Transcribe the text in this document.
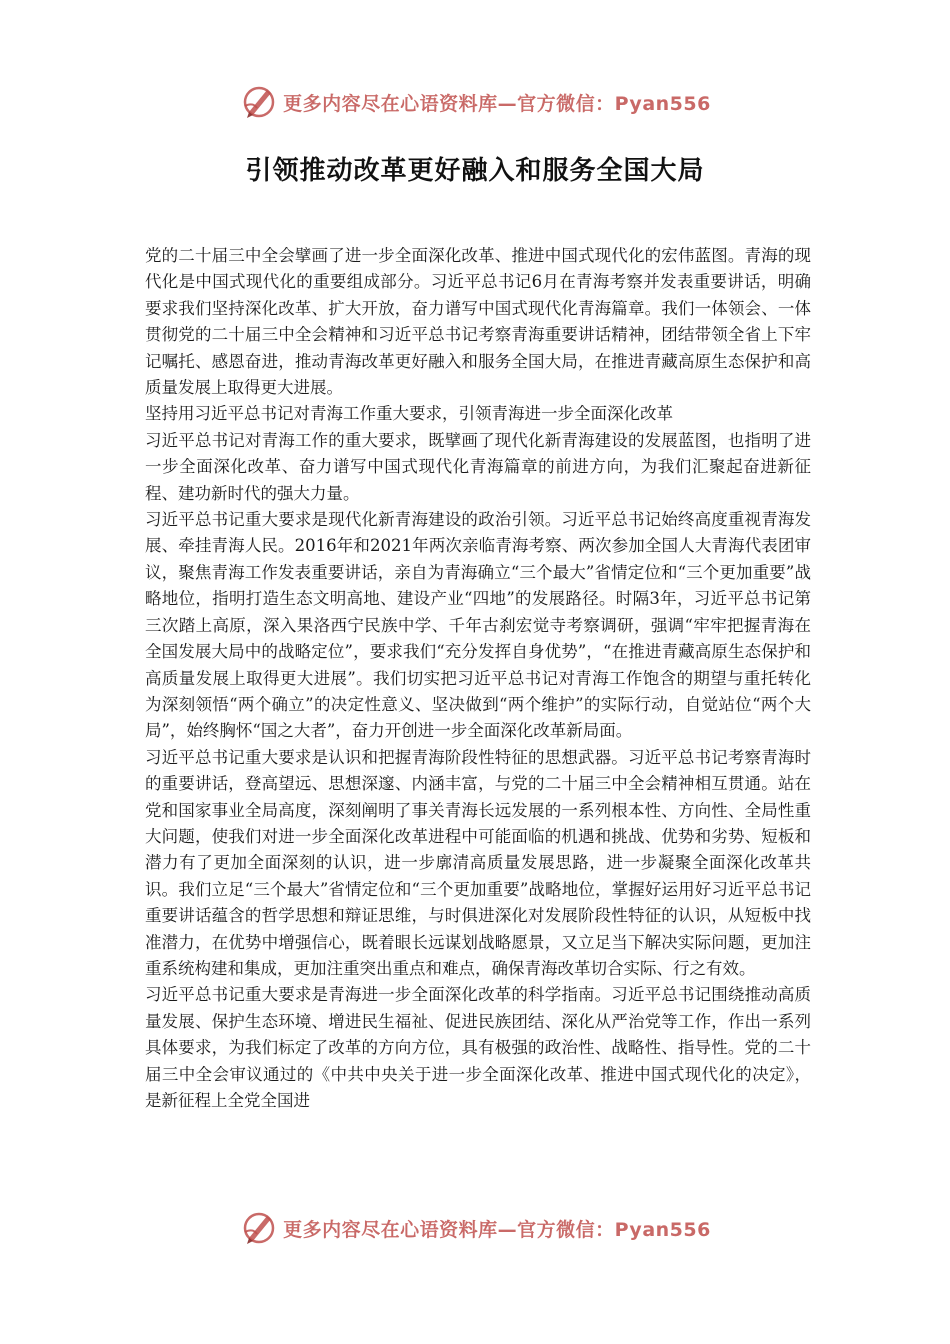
更多内容尽在心语资料库—官方微信：Pyan556
引领推动改革更好融入和服务全国大局

党的二十届三中全会擘画了进一步全面深化改革、推进中国式现代化的宏伟蓝图。青海的现代化是中国式现代化的重要组成部分。习近平总书记6月在青海考察并发表重要讲话，明确要求我们坚持深化改革、扩大开放，奋力谱写中国式现代化青海篇章。我们一体领会、一体贯彻党的二十届三中全会精神和习近平总书记考察青海重要讲话精神，团结带领全省上下牢记嘱托、感恩奋进，推动青海改革更好融入和服务全国大局，在推进青藏高原生态保护和高质量发展上取得更大进展。

坚持用习近平总书记对青海工作重大要求，引领青海进一步全面深化改革

习近平总书记对青海工作的重大要求，既擘画了现代化新青海建设的发展蓝图，也指明了进一步全面深化改革、奋力谱写中国式现代化青海篇章的前进方向，为我们汇聚起奋进新征程、建功新时代的强大力量。

习近平总书记重大要求是现代化新青海建设的政治引领。习近平总书记始终高度重视青海发展、牵挂青海人民。2016年和2021年两次亲临青海考察、两次参加全国人大青海代表团审议，聚焦青海工作发表重要讲话，亲自为青海确立“三个最大”省情定位和“三个更加重要”战略地位，指明打造生态文明高地、建设产业“四地”的发展路径。时隔3年，习近平总书记第三次踏上高原，深入果洛西宁民族中学、千年古刹宏觉寺考察调研，强调“牢牢把握青海在全国发展大局中的战略定位”，要求我们“充分发挥自身优势”，“在推进青藏高原生态保护和高质量发展上取得更大进展”。我们切实把习近平总书记对青海工作饱含的期望与重托转化为深刻领悟“两个确立”的决定性意义、坚决做到“两个维护”的实际行动，自觉站位“两个大局”，始终胸怀“国之大者”，奋力开创进一步全面深化改革新局面。

习近平总书记重大要求是认识和把握青海阶段性特征的思想武器。习近平总书记考察青海时的重要讲话，登高望远、思想深邃、内涵丰富，与党的二十届三中全会精神相互贯通。站在党和国家事业全局高度，深刻阐明了事关青海长远发展的一系列根本性、方向性、全局性重大问题，使我们对进一步全面深化改革进程中可能面临的机遇和挑战、优势和劣势、短板和潜力有了更加全面深刻的认识，进一步廓清高质量发展思路，进一步凝聚全面深化改革共识。我们立足“三个最大”省情定位和“三个更加重要”战略地位，掌握好运用好习近平总书记重要讲话蕴含的哲学思想和辩证思维，与时俱进深化对发展阶段性特征的认识，从短板中找准潜力，在优势中增强信心，既着眼长远谋划战略愿景，又立足当下解决实际问题，更加注重系统构建和集成，更加注重突出重点和难点，确保青海改革切合实际、行之有效。

习近平总书记重大要求是青海进一步全面深化改革的科学指南。习近平总书记围绕推动高质量发展、保护生态环境、增进民生福祉、促进民族团结、深化从严治党等工作，作出一系列具体要求，为我们标定了改革的方向方位，具有极强的政治性、战略性、指导性。党的二十届三中全会审议通过的《中共中央关于进一步全面深化改革、推进中国式现代化的决定》，是新征程上全党全国进

更多内容尽在心语资料库—官方微信：Pyan556
